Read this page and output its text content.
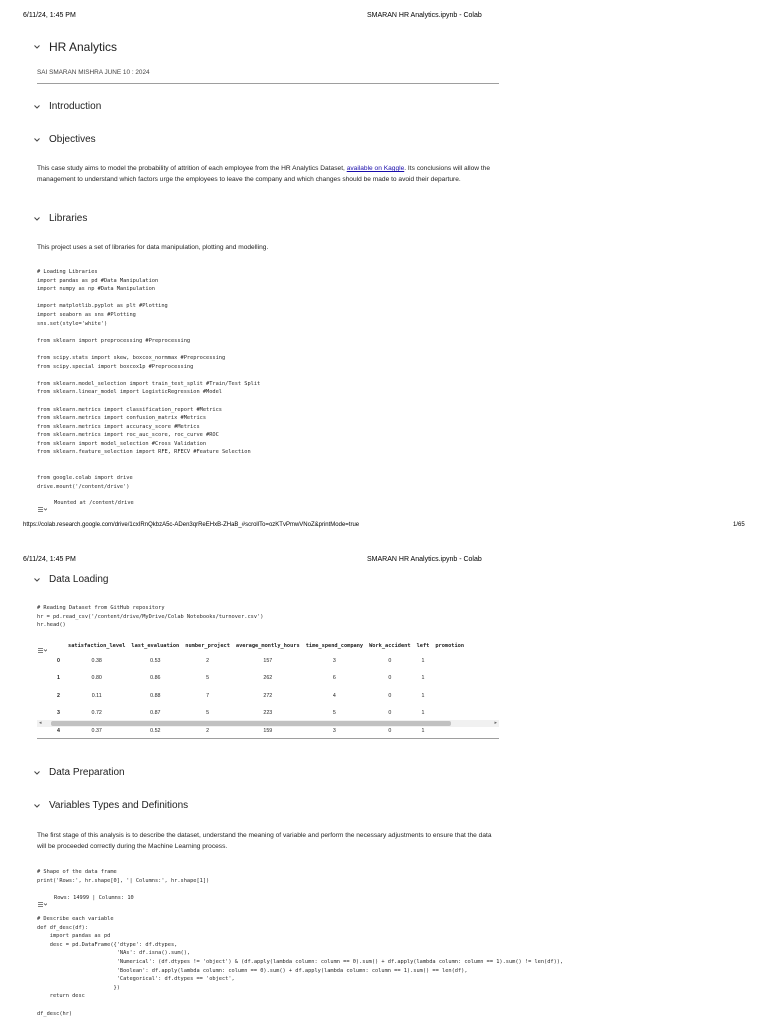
6/11/24, 1:45 PM	SMARAN HR Analytics.ipynb - Colab
HR Analytics
SAI SMARAN MISHRA JUNE 10 : 2024
Introduction
Objectives
This case study aims to model the probability of attrition of each employee from the HR Analytics Dataset, available on Kaggle. Its conclusions will allow the management to understand which factors urge the employees to leave the company and which changes should be made to avoid their departure.
Libraries
This project uses a set of libraries for data manipulation, plotting and modelling.
# Loading Libraries
import pandas as pd #Data Manipulation
import numpy as np #Data Manipulation

import matplotlib.pyplot as plt #Plotting
import seaborn as sns #Plotting
sns.set(style='white')

from sklearn import preprocessing #Preprocessing

from scipy.stats import skew, boxcox_normmax #Preprocessing
from scipy.special import boxcox1p #Preprocessing

from sklearn.model_selection import train_test_split #Train/Test Split
from sklearn.linear_model import LogisticRegression #Model

from sklearn.metrics import classification_report #Metrics
from sklearn.metrics import confusion_matrix #Metrics
from sklearn.metrics import accuracy_score #Metrics
from sklearn.metrics import roc_auc_score, roc_curve #ROC
from sklearn import model_selection #Cross Validation
from sklearn.feature_selection import RFE, RFECV #Feature Selection
from google.colab import drive
drive.mount('/content/drive')
Mounted at /content/drive
https://colab.research.google.com/drive/1cxIRnQkbzA5c-ADen3qrReEHxB-ZHaB_#scrollTo=ozKTvPmwVNoZ&printMode=true	1/65
6/11/24, 1:45 PM	SMARAN HR Analytics.ipynb - Colab
Data Loading
# Reading Dataset from GitHub repository
hr = pd.read_csv('/content/drive/MyDrive/Colab Notebooks/turnover.csv')
hr.head()
	satisfaction_level	last_evaluation	number_project	average_montly_hours	time_spend_company	Work_accident	left	promotion
0	0.38	0.53	2	157	3	0	1	
1	0.80	0.86	5	262	6	0	1	
2	0.11	0.88	7	272	4	0	1	
3	0.72	0.87	5	223	5	0	1	
4	0.37	0.52	2	159	3	0	1	
◂	▸
Data Preparation
Variables Types and Definitions
The first stage of this analysis is to describe the dataset, understand the meaning of variable and perform the necessary adjustments to ensure that the data will be proceeded correctly during the Machine Learning process.
# Shape of the data frame
print('Rows:', hr.shape[0], '| Columns:', hr.shape[1])
Rows: 14999 | Columns: 10
# Describe each variable
def df_desc(df):
import pandas as pd
desc = pd.DataFrame({'dtype': df.dtypes,
'NAs': df.isna().sum(),
'Numerical': (df.dtypes != 'object') & (df.apply(lambda column: column == 0).sum() + df.apply(lambda column: column == 1).sum() != len(df)),
'Boolean': df.apply(lambda column: column == 0).sum() + df.apply(lambda column: column == 1).sum() == len(df),
'Categorical': df.dtypes == 'object',
})
return desc
df_desc(hr)
